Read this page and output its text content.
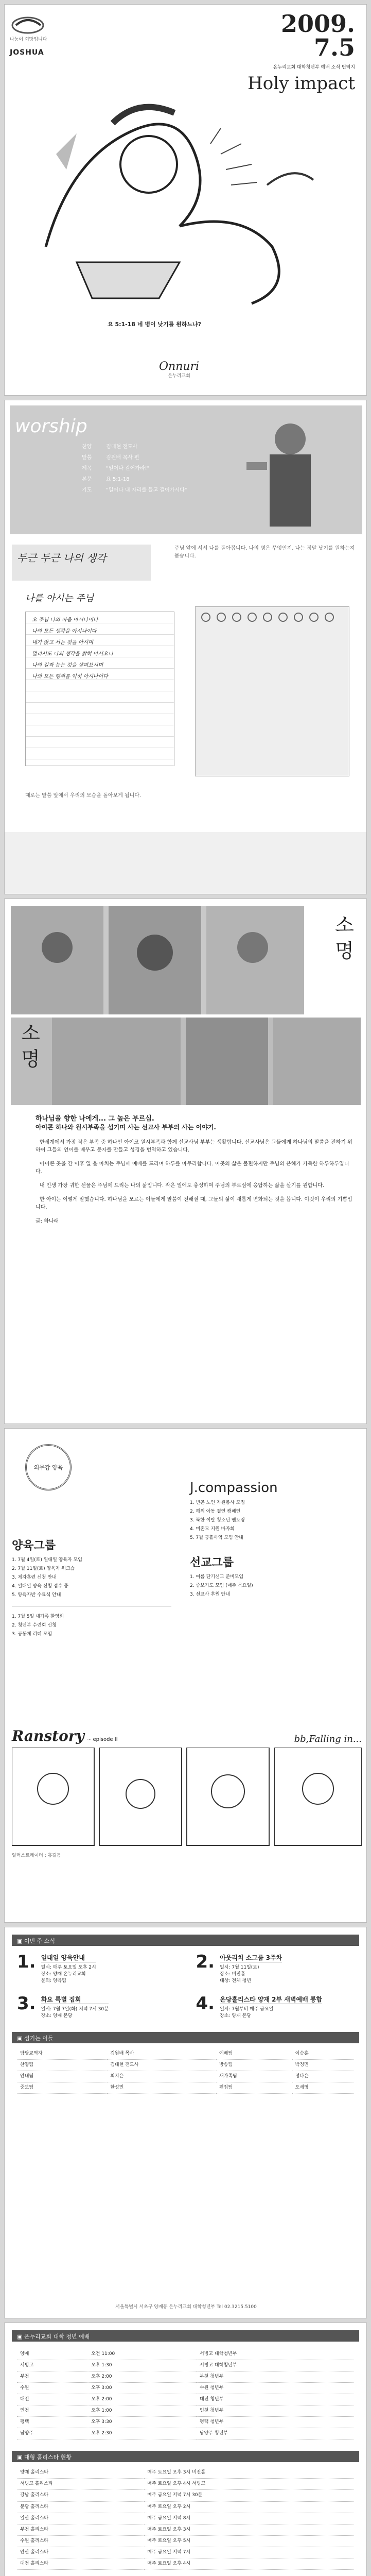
나눔이 희망입니다
JOSHUA
2009.
7.5
온누리교회 대학청년부 예배 소식 번역지
Holy impact
요 5:1-18 네 병이 낫기를 원하느냐?
Onnuri
온누리교회
worship
찬양	김대현 전도사
말씀	김원배 목사 편
제목	"일어나 걸어가라!"
본문	요 5:1-18
기도	"일어나 내 자리를 들고 걸어가시다"
두근 두근 나의 생각
주님 앞에 서서 나를 돌아봅니다. 나의 병은 무엇인지, 나는 정말 낫기를 원하는지 묻습니다.
나를 아시는 주님
오 주님 나의 마음 아시나이다
나의 모든 생각을 아시나이다
내가 앉고 서는 것을 아시며
멀리서도 나의 생각을 밝히 아시오니
나의 길과 눕는 것을 살펴보시며
나의 모든 행위를 익히 아시나이다
때로는 말씀 앞에서 우리의 모습을 돌아보게 됩니다.
소 명
소 명
하나님을 향한 나에게... 그 높은 부르심.
아이콘 하나와 원시부족을 섬기며 사는 선교사 부부의 사는 이야기.

한세계에서 가장 작은 부족 중 하나인 아이코 원시부족과 함께 선교사님 부부는 생활합니다. 선교사님은 그들에게 하나님의 말씀을 전하기 위하여 그들의 언어를 배우고 문자를 만들고 성경을 번역하고 있습니다.

아이콘 곳을 간 이후 일 을 마치는 주님께 예배를 드리며 하루를 마무리합니다. 이곳의 삶은 불편하지만 주님의 은혜가 가득한 하루하루입니다.

내 인생 가장 귀한 선물은 주님께 드리는 나의 삶입니다. 작은 일에도 충성하며 주님의 부르심에 응답하는 삶을 살기를 원합니다.

한 아이는 이렇게 말했습니다. 하나님을 모르는 이들에게 말씀이 전해질 때, 그들의 삶이 새롭게 변화되는 것을 봅니다. 이것이 우리의 기쁨입니다.

글: 하나래
의무감 양육
양육그룹
1. 7월 4일(토) 일대일 양육자 모임
2. 7월 11일(토) 양육자 워크숍
3. 제자훈련 신청 안내
4. 일대일 양육 신청 접수 중
5. 양육자반 수료식 안내
1. 7월 5일 새가족 환영회
2. 청년부 수련회 신청
3. 공동체 리더 모임
J.compassion
1. 빈곤 노인 자원봉사 모집
2. 해외 아동 결연 캠페인
3. 북한 이탈 청소년 멘토링
4. 미혼모 지원 바자회
5. 7월 긍휼사역 모임 안내
선교그룹
1. 여름 단기선교 준비모임
2. 중보기도 모임 (매주 목요일)
3. 선교사 후원 안내
Ranstory ~ episode II	bb,Falling in...
일러스트레이터 : 홍길동
▣ 이번 주 소식
1. 일대일 양육안내
일시: 매주 토요일 오후 2시
장소: 양재 온누리교회
문의: 양육팀
2. 아웃리치 소그룹 3주차
일시: 7월 11일(토)
장소: 비전홀
대상: 전체 청년
3. 화요 특별 집회
일시: 7월 7일(화) 저녁 7시 30분
장소: 양재 본당
4. 온당홀리스타 양재 2부 새벽예배 통합
일시: 7월부터 매주 금요일
장소: 양재 본당
▣ 섬기는 이들
담당교역자	김원배 목사	예배팀	이승훈
찬양팀	김대현 전도사	방송팀	박정민
안내팀	최지은	새가족팀	정다은
중보팀	한성민	편집팀	오세영
서울특별시 서초구 양재동 온누리교회 대학청년부 Tel 02.3215.5100
▣ 온누리교회 대학 청년 예배
양재	오전 11:00	서빙고 대학청년부
서빙고	오후 1:30	서빙고 대학청년부
부천	오후 2:00	부천 청년부
수원	오후 3:00	수원 청년부
대전	오후 2:00	대전 청년부
인천	오후 1:00	인천 청년부
평택	오후 3:30	평택 청년부
남양주	오후 2:30	남양주 청년부
▣ 대형 홀리스타 현황
양재 홀리스타	매주 토요일 오후 3시 비전홀
서빙고 홀리스타	매주 토요일 오후 4시 서빙고
강남 홀리스타	매주 금요일 저녁 7시 30분
분당 홀리스타	매주 토요일 오후 2시
일산 홀리스타	매주 금요일 저녁 8시
부천 홀리스타	매주 토요일 오후 3시
수원 홀리스타	매주 토요일 오후 5시
안산 홀리스타	매주 금요일 저녁 7시
대전 홀리스타	매주 토요일 오후 4시
